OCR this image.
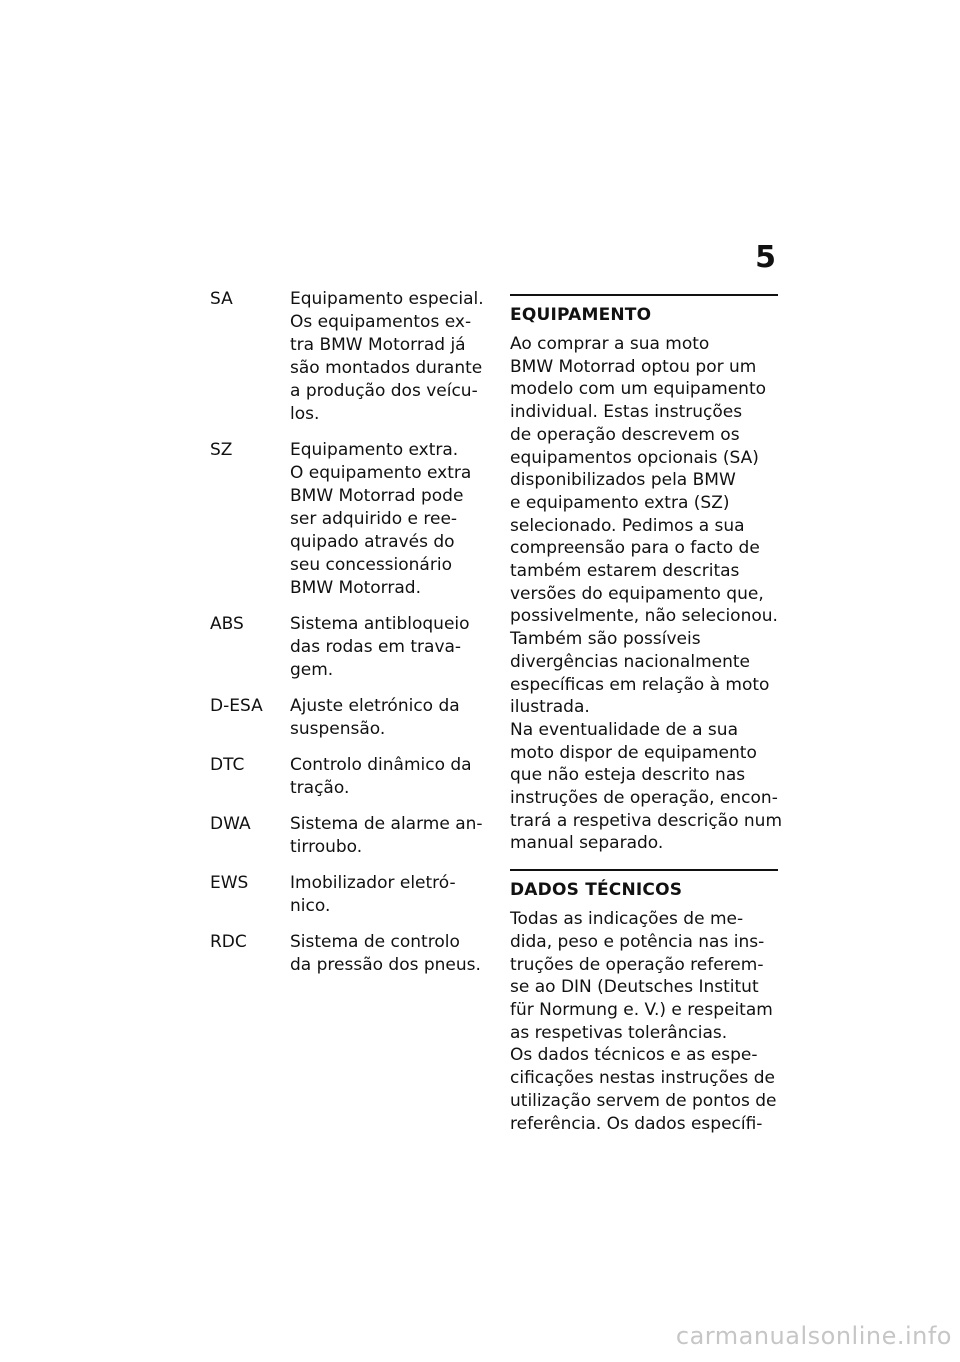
5
SA	Equipamento especial.
Os equipamentos ex-
tra BMW Motorrad já
são montados durante
a produção dos veícu-
los.
SZ	Equipamento extra.
O equipamento extra
BMW Motorrad pode
ser adquirido e ree-
quipado através do
seu concessionário
BMW Motorrad.
ABS	Sistema antibloqueio
das rodas em trava-
gem.
D-ESA	Ajuste eletrónico da
suspensão.
DTC	Controlo dinâmico da
tração.
DWA	Sistema de alarme an-
tirroubo.
EWS	Imobilizador eletró-
nico.
RDC	Sistema de controlo
da pressão dos pneus.
EQUIPAMENTO

Ao comprar a sua moto
BMW Motorrad optou por um
modelo com um equipamento
individual. Estas instruções
de operação descrevem os
equipamentos opcionais (SA)
disponibilizados pela BMW
e equipamento extra (SZ)
selecionado. Pedimos a sua
compreensão para o facto de
também estarem descritas
versões do equipamento que,
possivelmente, não selecionou.
Também são possíveis
divergências nacionalmente
específicas em relação à moto
ilustrada.
Na eventualidade de a sua
moto dispor de equipamento
que não esteja descrito nas
instruções de operação, encon-
trará a respetiva descrição num
manual separado.

DADOS TÉCNICOS

Todas as indicações de me-
dida, peso e potência nas ins-
truções de operação referem-
se ao DIN (Deutsches Institut
für Normung e. V.) e respeitam
as respetivas tolerâncias.
Os dados técnicos e as espe-
cificações nestas instruções de
utilização servem de pontos de
referência. Os dados específi-

carmanualsonline.info
